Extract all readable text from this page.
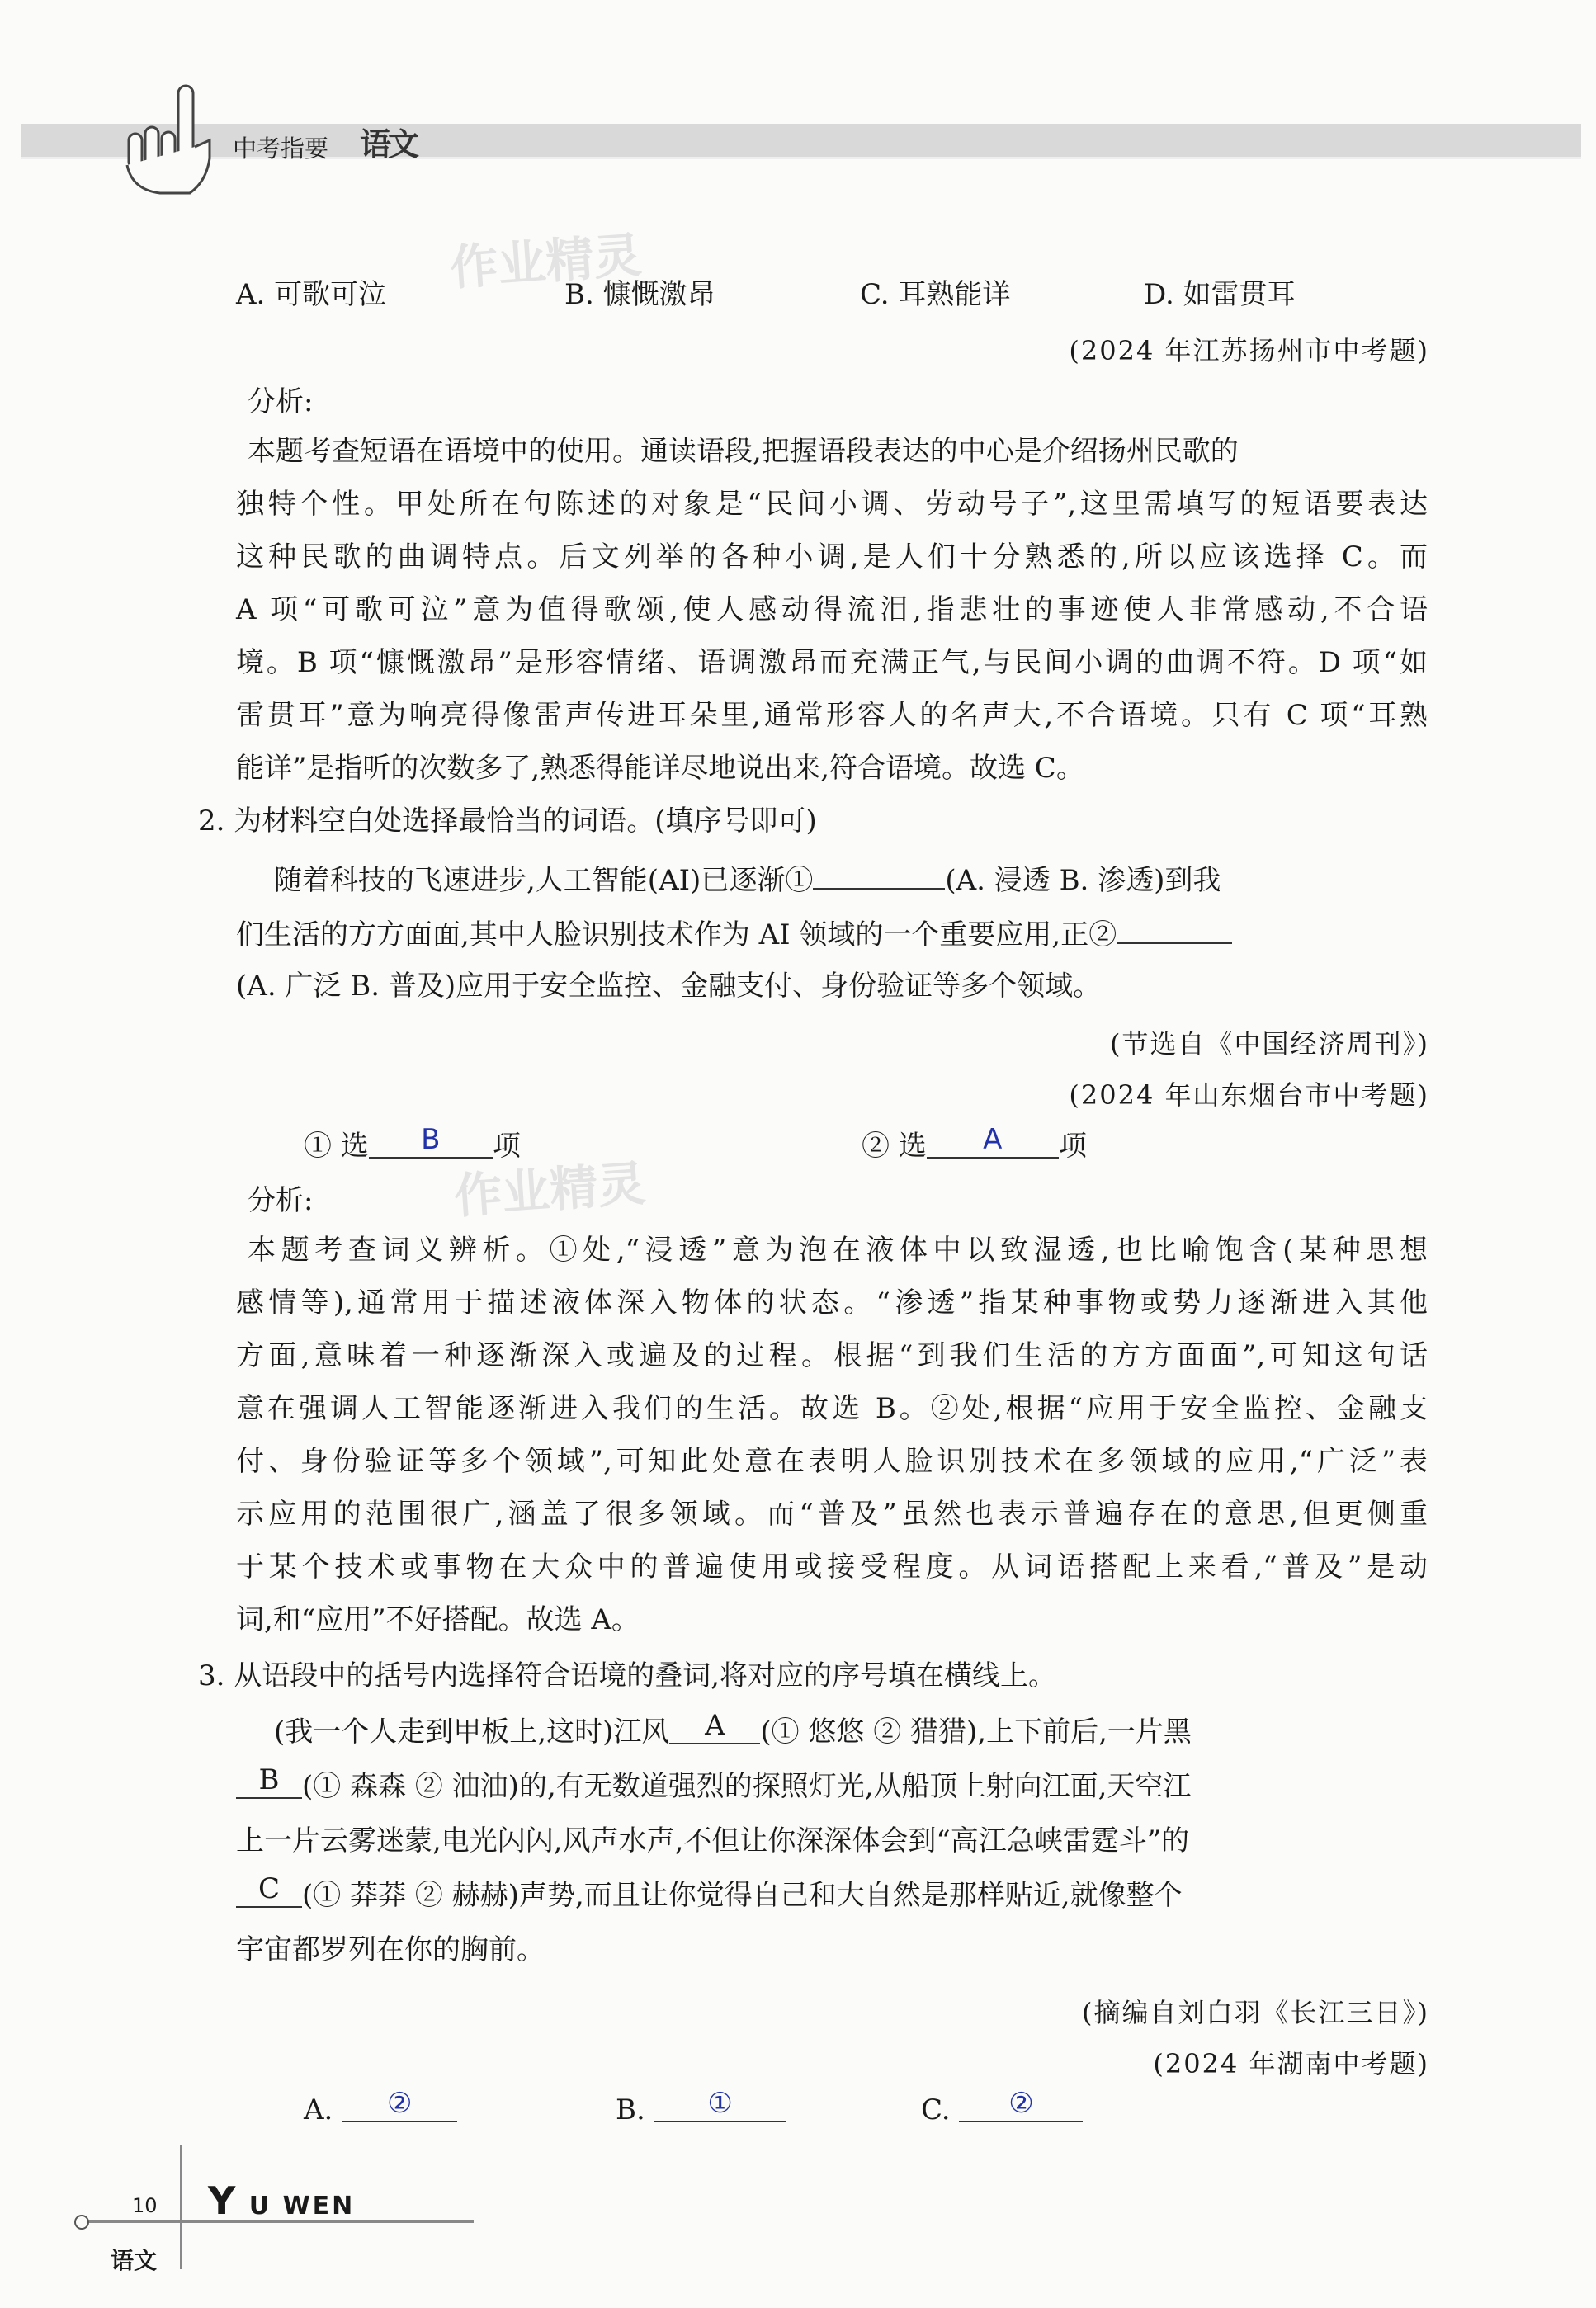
中考指要 语文
作业精灵
作业精灵
A. 可歌可泣	B. 慷慨激昂	C. 耳熟能详	D. 如雷贯耳
(2024 年江苏扬州市中考题)
分析:
本题考查短语在语境中的使用。通读语段,把握语段表达的中心是介绍扬州民歌的
独特个性。甲处所在句陈述的对象是“民间小调、劳动号子”,这里需填写的短语要表达
这种民歌的曲调特点。后文列举的各种小调,是人们十分熟悉的,所以应该选择 C。而
A 项“可歌可泣”意为值得歌颂,使人感动得流泪,指悲壮的事迹使人非常感动,不合语
境。B 项“慷慨激昂”是形容情绪、语调激昂而充满正气,与民间小调的曲调不符。D 项“如
雷贯耳”意为响亮得像雷声传进耳朵里,通常形容人的名声大,不合语境。只有 C 项“耳熟
能详”是指听的次数多了,熟悉得能详尽地说出来,符合语境。故选 C。
2. 为材料空白处选择最恰当的词语。(填序号即可)
随着科技的飞速进步,人工智能(AI)已逐渐①	(A. 浸透 B. 渗透)到我
们生活的方方面面,其中人脸识别技术作为 AI 领域的一个重要应用,正②
(A. 广泛 B. 普及)应用于安全监控、金融支付、身份验证等多个领域。
(节选自《中国经济周刊》)
(2024 年山东烟台市中考题)
① 选 B 项	② 选 A 项
分析:
本题考查词义辨析。①处,“浸透”意为泡在液体中以致湿透,也比喻饱含(某种思想
感情等),通常用于描述液体深入物体的状态。“渗透”指某种事物或势力逐渐进入其他
方面,意味着一种逐渐深入或遍及的过程。根据“到我们生活的方方面面”,可知这句话
意在强调人工智能逐渐进入我们的生活。故选 B。②处,根据“应用于安全监控、金融支
付、身份验证等多个领域”,可知此处意在表明人脸识别技术在多领域的应用,“广泛”表
示应用的范围很广,涵盖了很多领域。而“普及”虽然也表示普遍存在的意思,但更侧重
于某个技术或事物在大众中的普遍使用或接受程度。从词语搭配上来看,“普及”是动
词,和“应用”不好搭配。故选 A。
3. 从语段中的括号内选择符合语境的叠词,将对应的序号填在横线上。
(我一个人走到甲板上,这时)江风 A (① 悠悠 ② 猎猎),上下前后,一片黑
B (① 森森 ② 油油)的,有无数道强烈的探照灯光,从船顶上射向江面,天空江
上一片云雾迷蒙,电光闪闪,风声水声,不但让你深深体会到“高江急峡雷霆斗”的
C (① 莽莽 ② 赫赫)声势,而且让你觉得自己和大自然是那样贴近,就像整个
宇宙都罗列在你的胸前。
(摘编自刘白羽《长江三日》)
(2024 年湖南中考题)
A. ②	B. ①	C. ②
10 Y U WEN
语文
